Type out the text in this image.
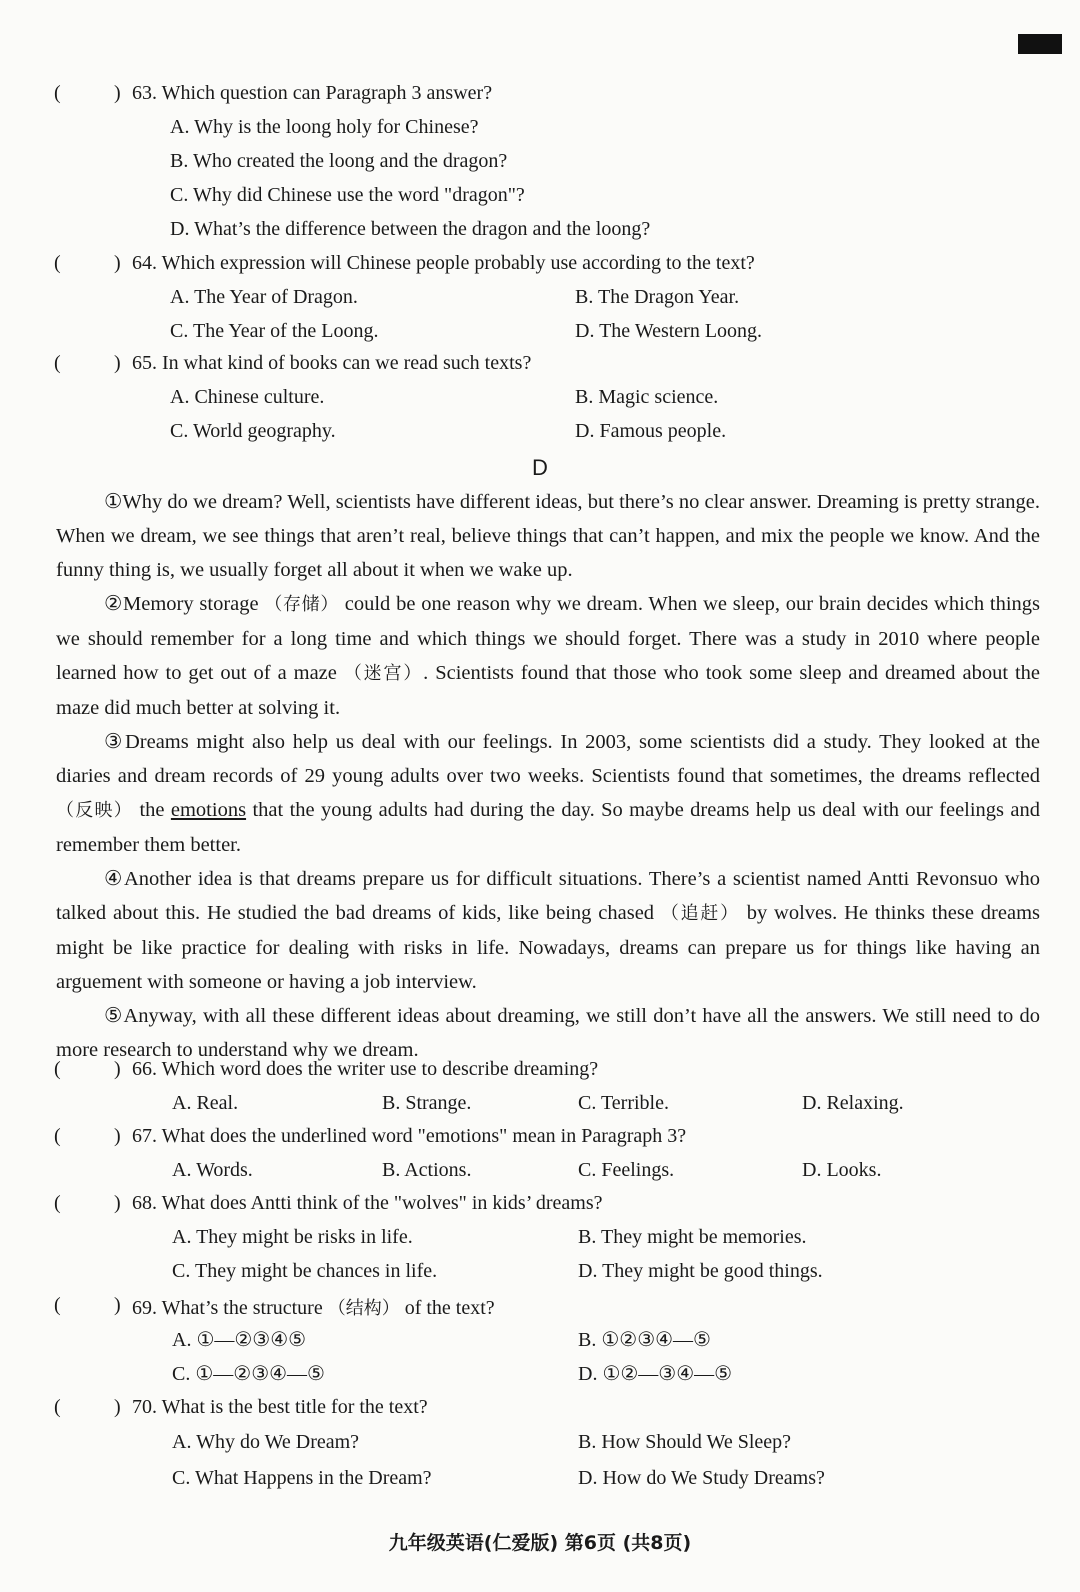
(	) 63. Which question can Paragraph 3 answer?
A. Why is the loong holy for Chinese?
B. Who created the loong and the dragon?
C. Why did Chinese use the word "dragon"?
D. What’s the difference between the dragon and the loong?
(	) 64. Which expression will Chinese people probably use according to the text?
A. The Year of Dragon.	B. The Dragon Year.
C. The Year of the Loong.	D. The Western Loong.
(	) 65. In what kind of books can we read such texts?
A. Chinese culture.	B. Magic science.
C. World geography.	D. Famous people.
D

①Why do we dream? Well, scientists have different ideas, but there’s no clear answer. Dreaming is pretty strange. When we dream, we see things that aren’t real, believe things that can’t happen, and mix the people we know. And the funny thing is, we usually forget all about it when we wake up.

②Memory storage （存储） could be one reason why we dream. When we sleep, our brain decides which things we should remember for a long time and which things we should forget. There was a study in 2010 where people learned how to get out of a maze （迷宫）. Scientists found that those who took some sleep and dreamed about the maze did much better at solving it.

③Dreams might also help us deal with our feelings. In 2003, some scientists did a study. They looked at the diaries and dream records of 29 young adults over two weeks. Scientists found that sometimes, the dreams reflected （反映） the emotions that the young adults had during the day. So maybe dreams help us deal with our feelings and remember them better.

④Another idea is that dreams prepare us for difficult situations. There’s a scientist named Antti Revonsuo who talked about this. He studied the bad dreams of kids, like being chased （追赶） by wolves. He thinks these dreams might be like practice for dealing with risks in life. Nowadays, dreams can prepare us for things like having an arguement with someone or having a job interview.

⑤Anyway, with all these different ideas about dreaming, we still don’t have all the answers. We still need to do more research to understand why we dream.

(	) 66. Which word does the writer use to describe dreaming?
A. Real.	B. Strange.	C. Terrible.	D. Relaxing.
(	) 67. What does the underlined word "emotions" mean in Paragraph 3?
A. Words.	B. Actions.	C. Feelings.	D. Looks.
(	) 68. What does Antti think of the "wolves" in kids’ dreams?
A. They might be risks in life.	B. They might be memories.
C. They might be chances in life.	D. They might be good things.
(	) 69. What’s the structure （结构） of the text?
A. ①—②③④⑤	B. ①②③④—⑤
C. ①—②③④—⑤	D. ①②—③④—⑤
(	) 70. What is the best title for the text?
A. Why do We Dream?	B. How Should We Sleep?
C. What Happens in the Dream?	D. How do We Study Dreams?
九年级英语(仁爱版) 第6页 (共8页)
